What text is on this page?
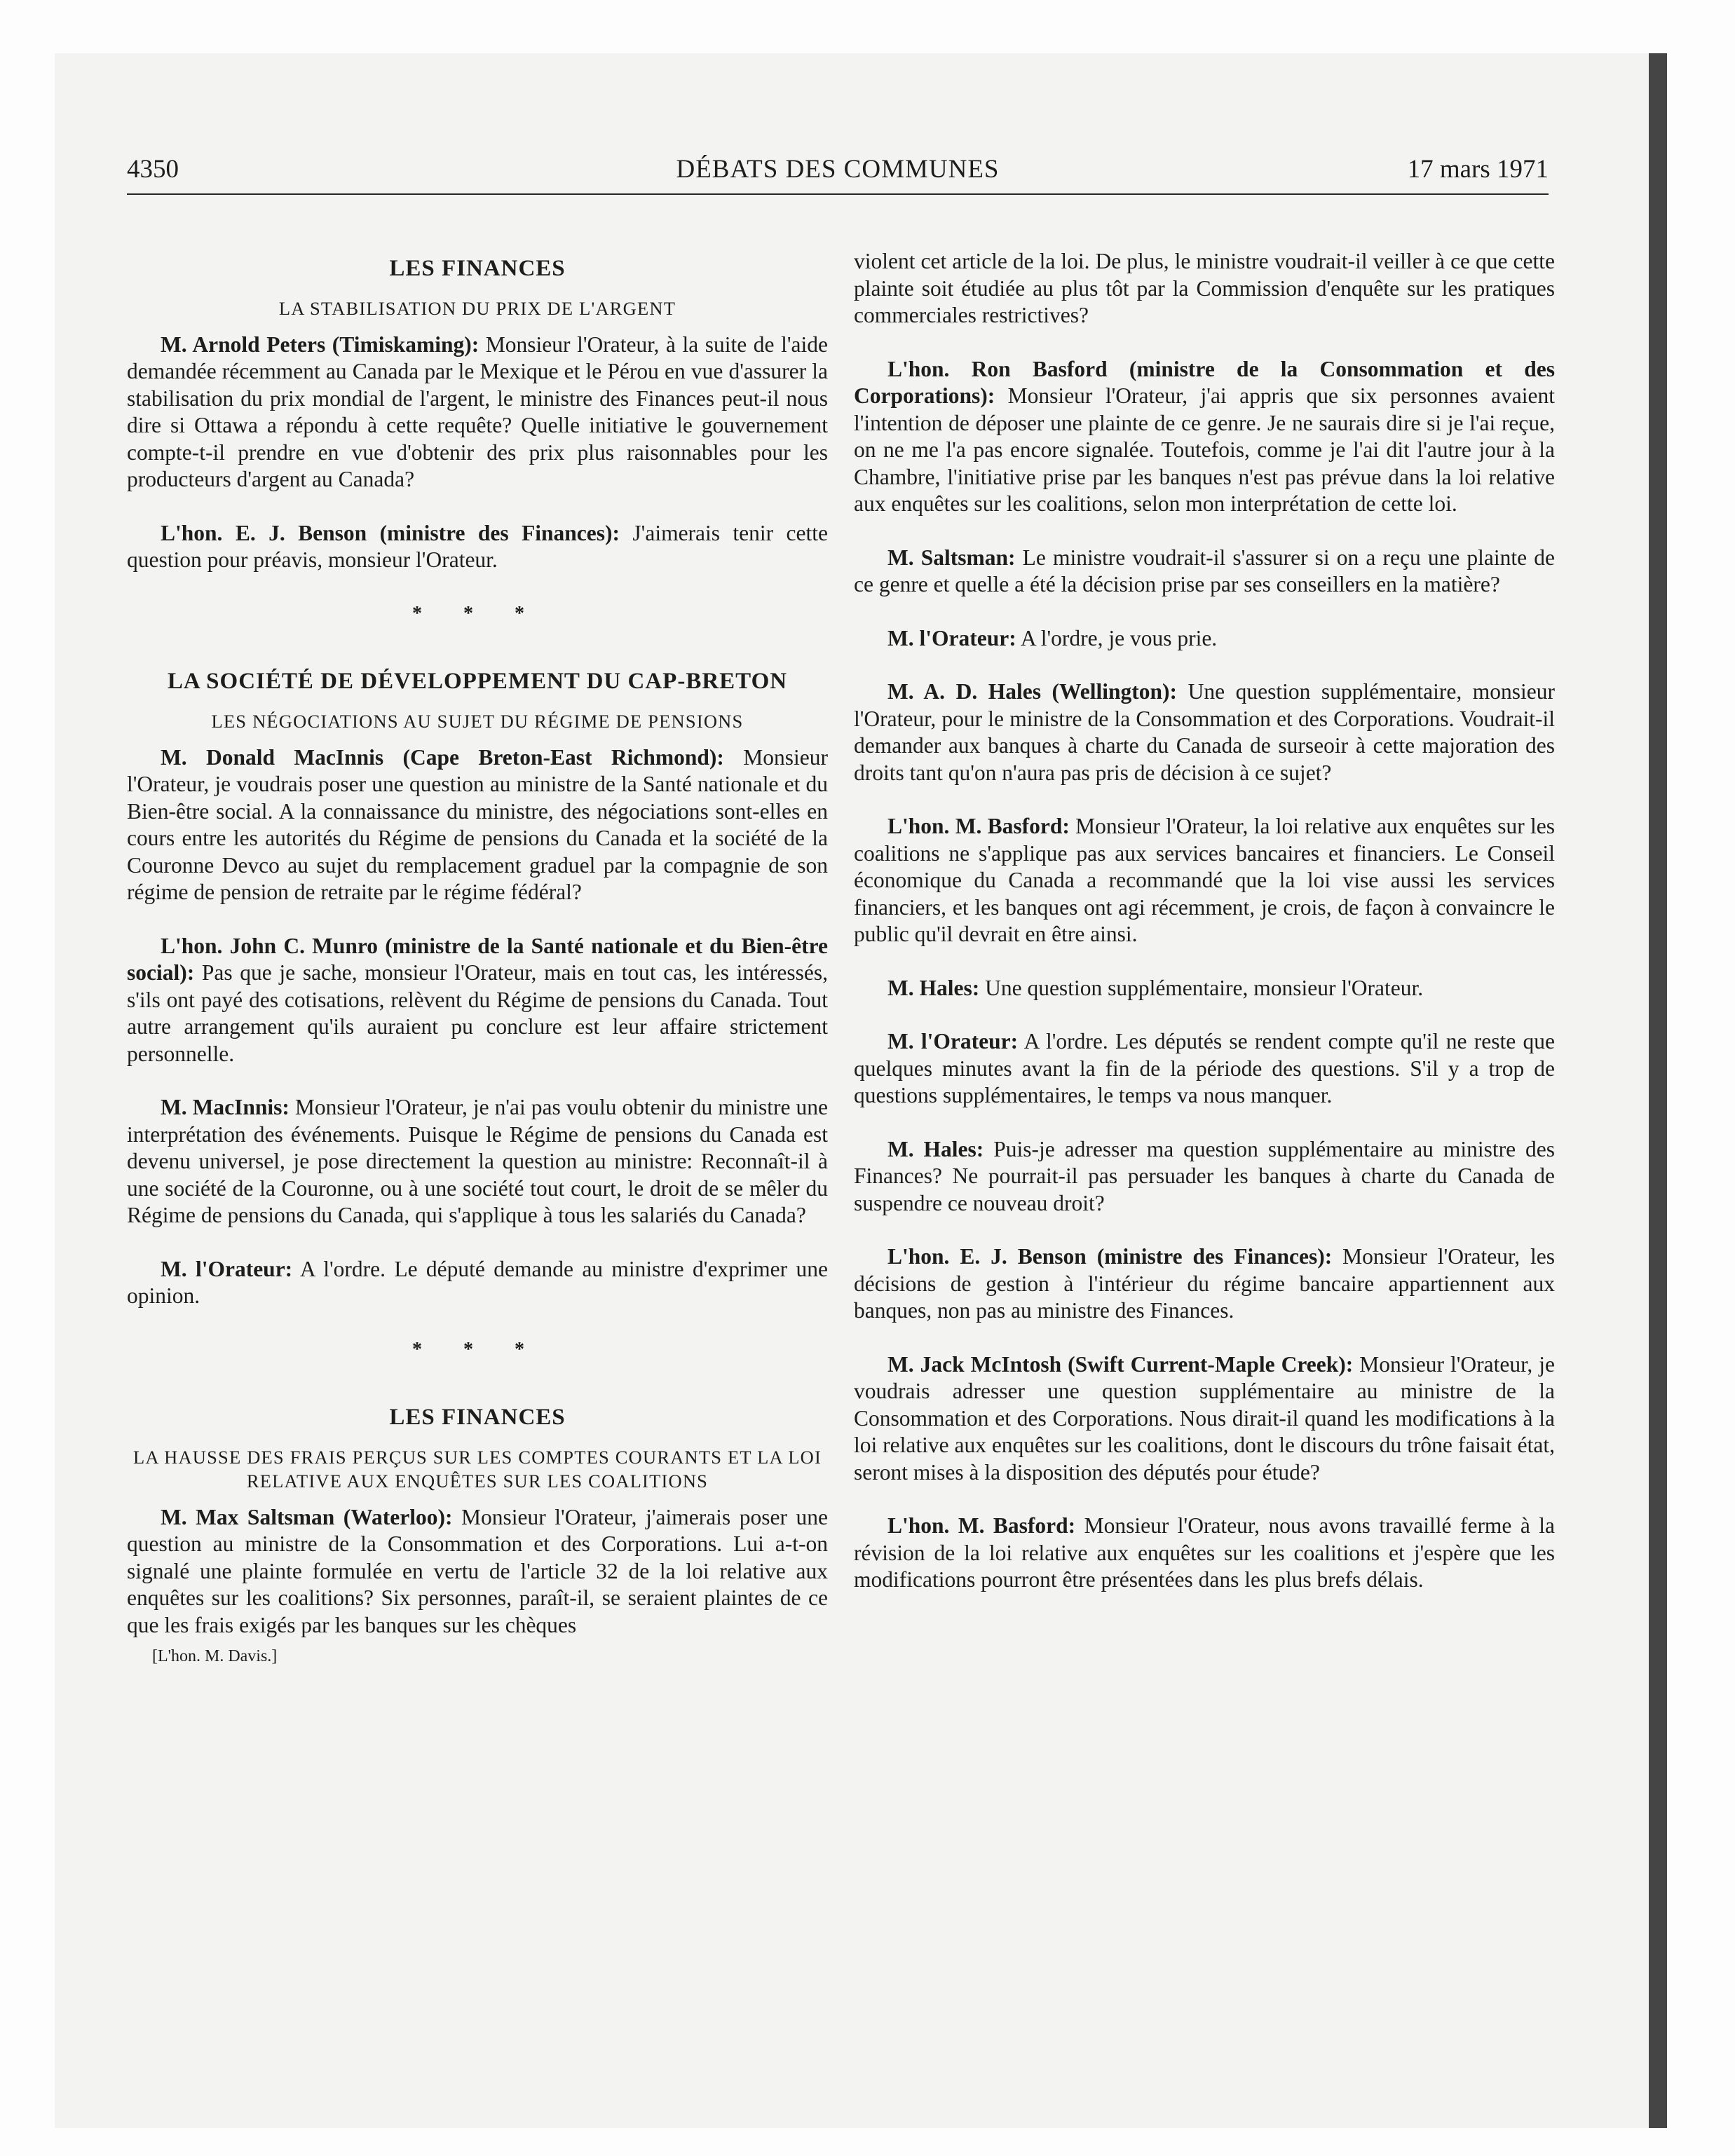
4350	DÉBATS DES COMMUNES	17 mars 1971
LES FINANCES
LA STABILISATION DU PRIX DE L'ARGENT

M. Arnold Peters (Timiskaming): Monsieur l'Orateur, à la suite de l'aide demandée récemment au Canada par le Mexique et le Pérou en vue d'assurer la stabilisation du prix mondial de l'argent, le ministre des Finances peut-il nous dire si Ottawa a répondu à cette requête? Quelle initiative le gouvernement compte-t-il prendre en vue d'obtenir des prix plus raisonnables pour les producteurs d'argent au Canada?

L'hon. E. J. Benson (ministre des Finances): J'aimerais tenir cette question pour préavis, monsieur l'Orateur.

* * *
LA SOCIÉTÉ DE DÉVELOPPEMENT DU CAP-BRETON
LES NÉGOCIATIONS AU SUJET DU RÉGIME DE PENSIONS

M. Donald MacInnis (Cape Breton-East Richmond): Monsieur l'Orateur, je voudrais poser une question au ministre de la Santé nationale et du Bien-être social. A la connaissance du ministre, des négociations sont-elles en cours entre les autorités du Régime de pensions du Canada et la société de la Couronne Devco au sujet du remplacement graduel par la compagnie de son régime de pension de retraite par le régime fédéral?

L'hon. John C. Munro (ministre de la Santé nationale et du Bien-être social): Pas que je sache, monsieur l'Orateur, mais en tout cas, les intéressés, s'ils ont payé des cotisations, relèvent du Régime de pensions du Canada. Tout autre arrangement qu'ils auraient pu conclure est leur affaire strictement personnelle.

M. MacInnis: Monsieur l'Orateur, je n'ai pas voulu obtenir du ministre une interprétation des événements. Puisque le Régime de pensions du Canada est devenu universel, je pose directement la question au ministre: Reconnaît-il à une société de la Couronne, ou à une société tout court, le droit de se mêler du Régime de pensions du Canada, qui s'applique à tous les salariés du Canada?

M. l'Orateur: A l'ordre. Le député demande au ministre d'exprimer une opinion.

* * *
LES FINANCES
LA HAUSSE DES FRAIS PERÇUS SUR LES COMPTES COURANTS ET LA LOI RELATIVE AUX ENQUÊTES SUR LES COALITIONS

M. Max Saltsman (Waterloo): Monsieur l'Orateur, j'aimerais poser une question au ministre de la Consommation et des Corporations. Lui a-t-on signalé une plainte formulée en vertu de l'article 32 de la loi relative aux enquêtes sur les coalitions? Six personnes, paraît-il, se seraient plaintes de ce que les frais exigés par les banques sur les chèques

[L'hon. M. Davis.]

violent cet article de la loi. De plus, le ministre voudrait-il veiller à ce que cette plainte soit étudiée au plus tôt par la Commission d'enquête sur les pratiques commerciales restrictives?

L'hon. Ron Basford (ministre de la Consommation et des Corporations): Monsieur l'Orateur, j'ai appris que six personnes avaient l'intention de déposer une plainte de ce genre. Je ne saurais dire si je l'ai reçue, on ne me l'a pas encore signalée. Toutefois, comme je l'ai dit l'autre jour à la Chambre, l'initiative prise par les banques n'est pas prévue dans la loi relative aux enquêtes sur les coalitions, selon mon interprétation de cette loi.

M. Saltsman: Le ministre voudrait-il s'assurer si on a reçu une plainte de ce genre et quelle a été la décision prise par ses conseillers en la matière?

M. l'Orateur: A l'ordre, je vous prie.

M. A. D. Hales (Wellington): Une question supplémentaire, monsieur l'Orateur, pour le ministre de la Consommation et des Corporations. Voudrait-il demander aux banques à charte du Canada de surseoir à cette majoration des droits tant qu'on n'aura pas pris de décision à ce sujet?

L'hon. M. Basford: Monsieur l'Orateur, la loi relative aux enquêtes sur les coalitions ne s'applique pas aux services bancaires et financiers. Le Conseil économique du Canada a recommandé que la loi vise aussi les services financiers, et les banques ont agi récemment, je crois, de façon à convaincre le public qu'il devrait en être ainsi.

M. Hales: Une question supplémentaire, monsieur l'Orateur.

M. l'Orateur: A l'ordre. Les députés se rendent compte qu'il ne reste que quelques minutes avant la fin de la période des questions. S'il y a trop de questions supplémentaires, le temps va nous manquer.

M. Hales: Puis-je adresser ma question supplémentaire au ministre des Finances? Ne pourrait-il pas persuader les banques à charte du Canada de suspendre ce nouveau droit?

L'hon. E. J. Benson (ministre des Finances): Monsieur l'Orateur, les décisions de gestion à l'intérieur du régime bancaire appartiennent aux banques, non pas au ministre des Finances.

M. Jack McIntosh (Swift Current-Maple Creek): Monsieur l'Orateur, je voudrais adresser une question supplémentaire au ministre de la Consommation et des Corporations. Nous dirait-il quand les modifications à la loi relative aux enquêtes sur les coalitions, dont le discours du trône faisait état, seront mises à la disposition des députés pour étude?

L'hon. M. Basford: Monsieur l'Orateur, nous avons travaillé ferme à la révision de la loi relative aux enquêtes sur les coalitions et j'espère que les modifications pourront être présentées dans les plus brefs délais.
